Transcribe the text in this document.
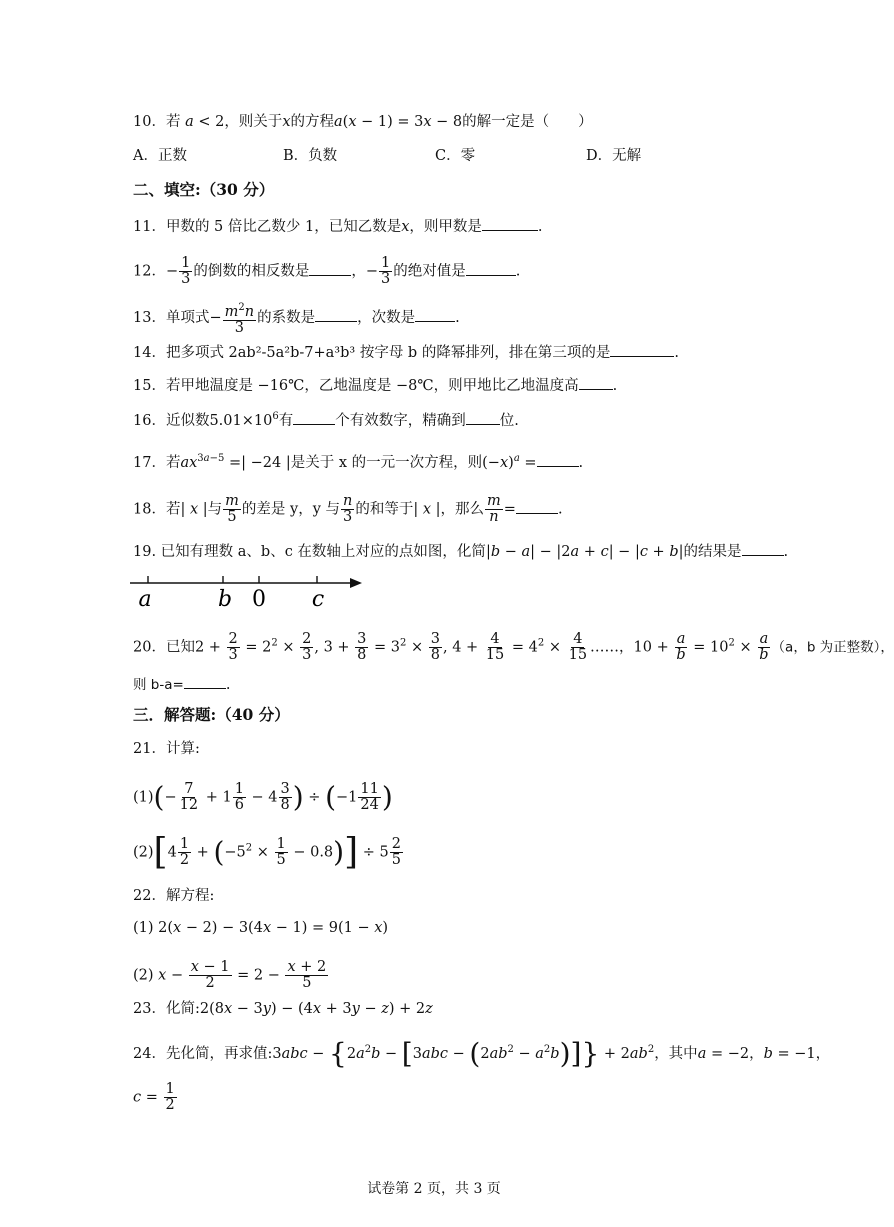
10．若 a < 2，则关于x的方程a(x − 1) = 3x − 8的解一定是（　　）
A．正数	B．负数	C．零	D．无解
二、填空:（30 分）
11．甲数的 5 倍比乙数少 1，已知乙数是x，则甲数是	.
12．− $\frac{1}{3}$ 的倒数的相反数是	，− $\frac{1}{3}$ 的绝对值是	.
13．单项式− $\frac{m^2n}{3}$ 的系数是	，次数是	.
14．把多项式 2ab²-5a²b-7+a³b³ 按字母 b 的降幂排列，排在第三项的是	.
15．若甲地温度是 −16℃，乙地温度是 −8℃，则甲地比乙地温度高 .
16．近似数$5.01\times 10^6$有	个有效数字，精确到 位.
17．若$ax^{3a-5}$ =| −24 |是关于 x 的一元一次方程，则$(-x)^a$ =	.
18．若| x |与 $\frac{m}{5}$ 的差是 y，y 与 $\frac{n}{3}$ 的和等于| x |，那么 $\frac{m}{n}$ =	.
19. 已知有理数 a、b、c 在数轴上对应的点如图，化简|b − a| − |2a + c| − |c + b|的结果是	.
a	b 0 c
20．已知$2 + \frac{2}{3} = 2^2 \times \frac{2}{3}$ , $3 + \frac{3}{8} = 3^2 \times \frac{3}{8}$ , $4 + \frac{4}{15} = 4^2 \times \frac{4}{15}$ ……，$10 + \frac{a}{b} = 10^2 \times \frac{a}{b} (a$，b 为正整数），
则 b-a=	.
三．解答题:（40 分）
21．计算:
$(1)(- \frac{7}{12} + 1 \frac{1}{6} - 4 \frac{3}{8}$ ) ÷ ($-1 \frac{11}{24}$ )
$(2)[4 \frac{1}{2} + (-5^2 \times \frac{1}{5} - 0.8)] \div 5 \frac{2}{5}$
22．解方程:
(1) 2(x − 2) − 3(4x − 1) = 9(1 − x)
(2) $x - \frac{x - 1}{2} = 2 - \frac{x + 2}{5}$
23．化简:2(8x − 3y) − (4x + 3y − z) + 2z
24．先化简，再求值:3abc − $\{2a^2b - [3abc - (2ab^2 - a^2b)]\} + 2ab^2$，其中a = −2，b = −1，
$c = \frac{1}{2}$
试卷第 2 页，共 3 页
